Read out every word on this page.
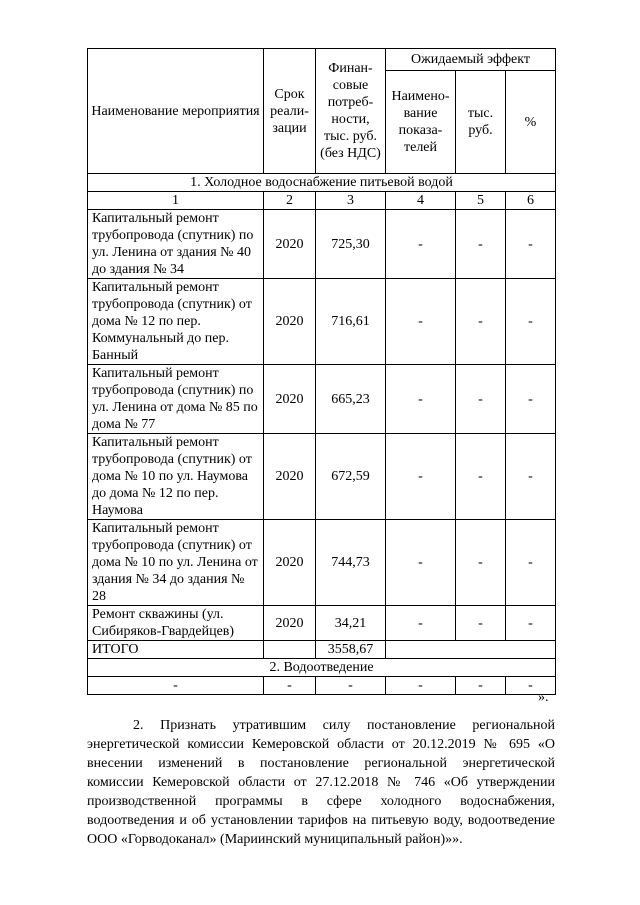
Наименование мероприятия	Срок реали-зации	Финан-совые потреб-ности, тыс. руб. (без НДС)	Ожидаемый эффект		
			Наимено-вание показа-телей	тыс. руб.	%
1. Холодное водоснабжение питьевой водой					
1	2	3	4	5	6
Капитальный ремонт трубопровода (спутник) по ул. Ленина от здания № 40 до здания № 34	2020	725,30	-	-	-
Капитальный ремонт трубопровода (спутник) от дома № 12 по пер. Коммунальный до пер. Банный	2020	716,61	-	-	-
Капитальный ремонт трубопровода (спутник) по ул. Ленина от дома № 85 по дома № 77	2020	665,23	-	-	-
Капитальный ремонт трубопровода (спутник) от дома № 10 по ул. Наумова до дома № 12 по пер. Наумова	2020	672,59	-	-	-
Капитальный ремонт трубопровода (спутник) от дома № 10 по ул. Ленина от здания № 34 до здания № 28	2020	744,73	-	-	-
Ремонт скважины (ул. Сибиряков-Гвардейцев)	2020	34,21	-	-	-
ИТОГО		3558,67			
2. Водоотведение					
-	-	-	-	-	-
».
2. Признать утратившим силу постановление региональной энергетической комиссии Кемеровской области от 20.12.2019 № 695 «О внесении изменений в постановление региональной энергетической комиссии Кемеровской области от 27.12.2018 № 746 «Об утверждении производственной программы в сфере холодного водоснабжения, водоотведения и об установлении тарифов на питьевую воду, водоотведение ООО «Горводоканал» (Мариинский муниципальный район)»».
